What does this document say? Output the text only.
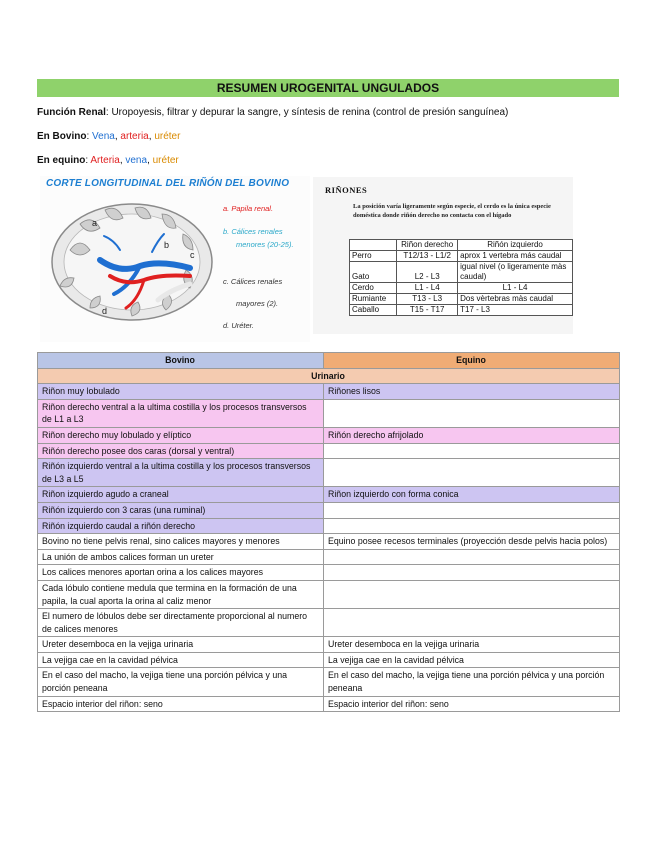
RESUMEN UROGENITAL UNGULADOS
Función Renal: Uropoyesis, filtrar y depurar la sangre, y síntesis de renina (control de presión sanguínea)
En Bovino: Vena, arteria, uréter
En equino: Arteria, vena, uréter
CORTE LONGITUDINAL DEL RIÑÓN DEL BOVINO
a
b
c
d
a. Papila renal.
b. Cálices renales
menores (20-25).
c. Cálices renales
mayores (2).
d. Uréter.
RIÑONES
La posición varía ligeramente según especie, el cerdo es la única especie doméstica donde riñón derecho no contacta con el hígado
	Riñon derecho	Riñón izquierdo
Perro	T12/13 - L1/2	aprox 1 vertebra más caudal
Gato	L2 - L3	igual nivel (o ligeramente màs caudal)
Cerdo	L1 - L4	L1 - L4
Rumiante	T13 - L3	Dos vèrtebras màs caudal
Caballo	T15 - T17	T17 - L3
Bovino	Equino
Urinario	
Riñon muy lobulado	Riñones lisos
Riñon derecho ventral a la ultima costilla y los procesos transversos de L1 a L3	
Riñon derecho muy lobulado y elíptico	Riñón derecho afrijolado
Riñón derecho posee dos caras (dorsal y ventral)	
Riñón izquierdo ventral a la ultima costilla y los procesos transversos de L3 a L5	
Riñon izquierdo agudo a craneal	Riñon izquierdo con forma conica
Riñón izquierdo con 3 caras (una ruminal)	
Riñón izquierdo caudal a riñón derecho	
Bovino no tiene pelvis renal, sino calices mayores y menores	Equino posee recesos terminales (proyección desde pelvis hacia polos)
La unión de ambos calices forman un ureter	
Los calices menores aportan orina a los calices mayores	
Cada lóbulo contiene medula que termina en la formación de una papila, la cual aporta la orina al caliz menor	
El numero de lóbulos debe ser directamente proporcional al numero de calices menores	
Ureter desemboca en la vejiga urinaria	Ureter desemboca en la vejiga urinaria
La vejiga cae en la cavidad pélvica	La vejiga cae en la cavidad pélvica
En el caso del macho, la vejiga tiene una porción pélvica y una porción peneana	En el caso del macho, la vejiga tiene una porción pélvica y una porción peneana
Espacio interior del riñon: seno	Espacio interior del riñon: seno
